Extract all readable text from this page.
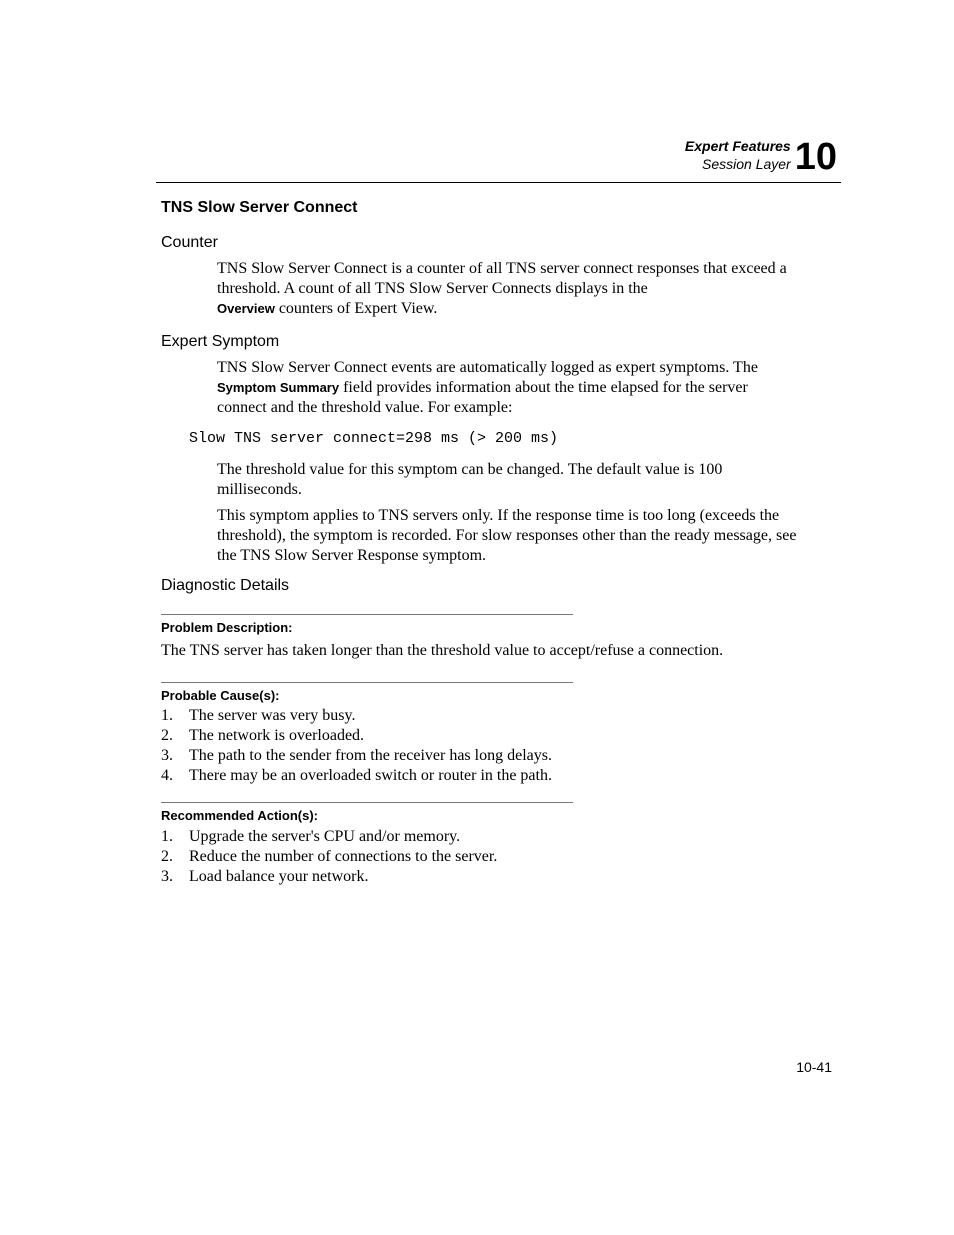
Expert Features
Session Layer 10
TNS Slow Server Connect
Counter
TNS Slow Server Connect is a counter of all TNS server connect responses that exceed a threshold. A count of all TNS Slow Server Connects displays in the
Overview counters of Expert View.
Expert Symptom
TNS Slow Server Connect events are automatically logged as expert symptoms. The Symptom Summary field provides information about the time elapsed for the server connect and the threshold value. For example:
Slow TNS server connect=298 ms (> 200 ms)
The threshold value for this symptom can be changed. The default value is 100 milliseconds.
This symptom applies to TNS servers only. If the response time is too long (exceeds the threshold), the symptom is recorded. For slow responses other than the ready message, see the TNS Slow Server Response symptom.
Diagnostic Details
Problem Description:
The TNS server has taken longer than the threshold value to accept/refuse a connection.
Probable Cause(s):
1. The server was very busy.
2. The network is overloaded.
3. The path to the sender from the receiver has long delays.
4. There may be an overloaded switch or router in the path.
Recommended Action(s):
1. Upgrade the server's CPU and/or memory.
2. Reduce the number of connections to the server.
3. Load balance your network.
10-41
